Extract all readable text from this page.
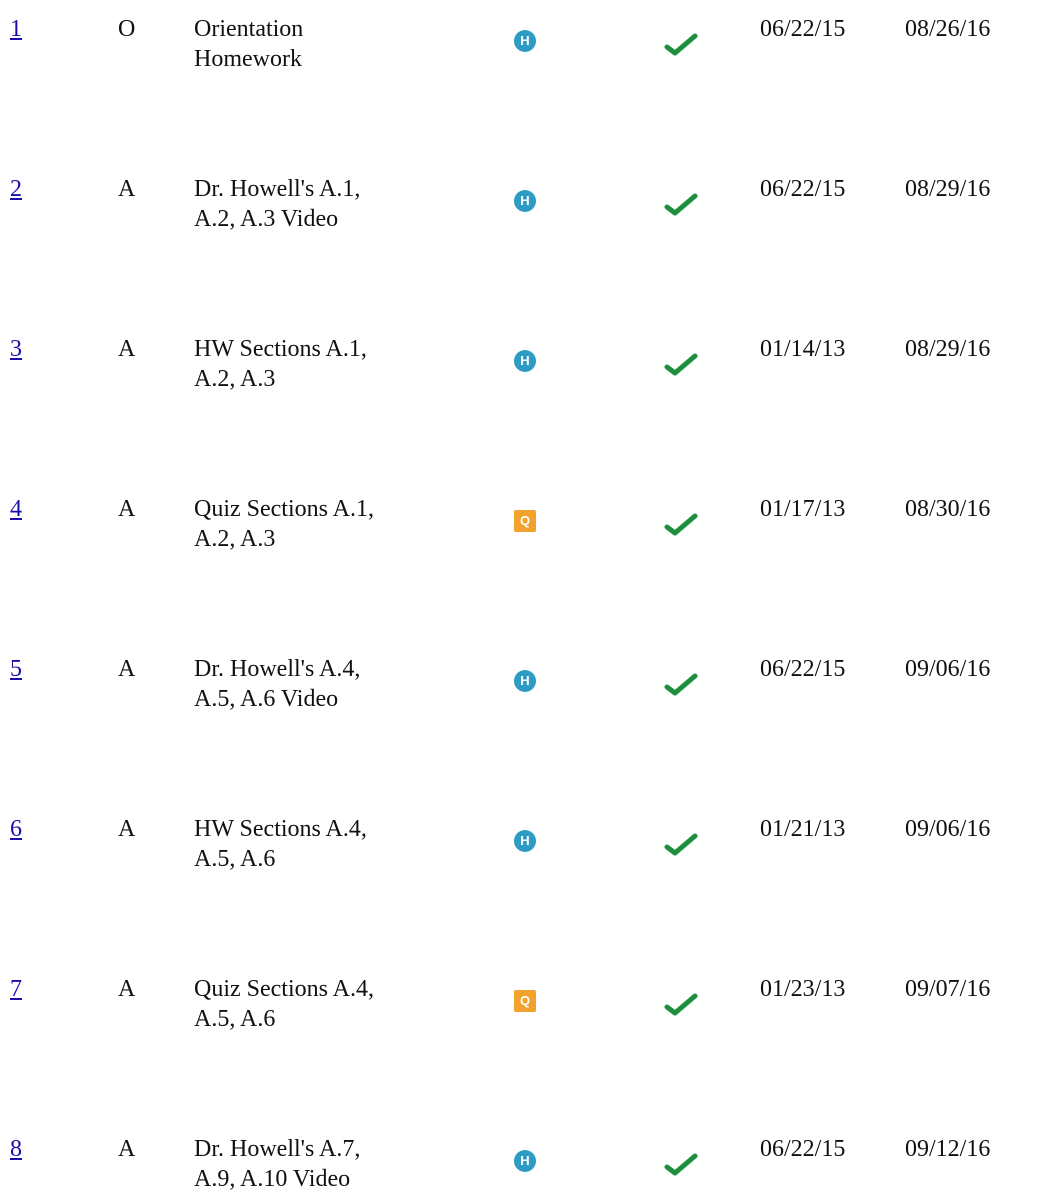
1	O Orientation
Homework
H	06/22/15 08/26/16
2	A Dr. Howell's A.1,
A.2, A.3 Video
H	06/22/15 08/29/16
3	A HW Sections A.1,
A.2, A.3
H	01/14/13 08/29/16
4	A Quiz Sections A.1,
A.2, A.3
Q	01/17/13 08/30/16
5	A Dr. Howell's A.4,
A.5, A.6 Video
H	06/22/15 09/06/16
6	A HW Sections A.4,
A.5, A.6
H	01/21/13 09/06/16
7	A Quiz Sections A.4,
A.5, A.6
Q	01/23/13 09/07/16
8	A Dr. Howell's A.7,
A.9, A.10 Video
H	06/22/15 09/12/16
